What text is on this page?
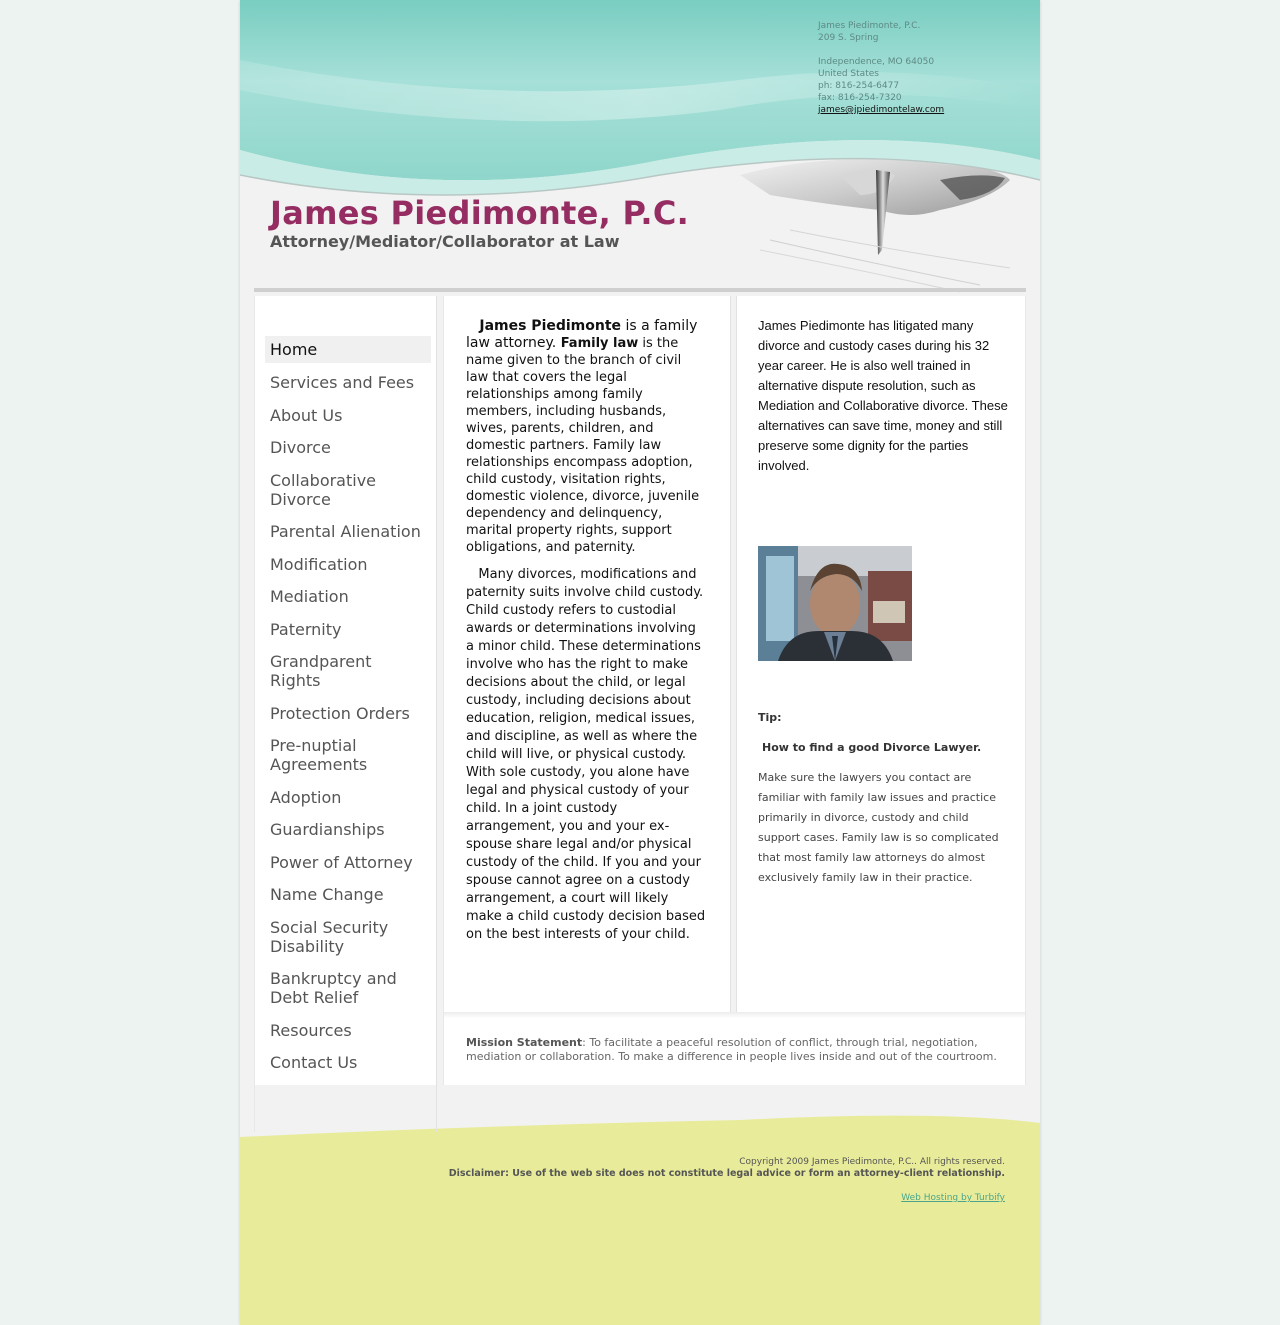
James Piedimonte, P.C.
209 S. Spring
Independence, MO 64050
United States
ph: 816-254-6477
fax: 816-254-7320
james@jpiedimontelaw.com
James Piedimonte, P.C.
Attorney/Mediator/Collaborator at Law
Home
Services and Fees
About Us
Divorce
Collaborative Divorce
Parental Alienation
Modification
Mediation
Paternity
Grandparent Rights
Protection Orders
Pre-nuptial Agreements
Adoption
Guardianships
Power of Attorney
Name Change
Social Security Disability
Bankruptcy and Debt Relief
Resources
Contact Us

James Piedimonte is a family law attorney. Family law is the name given to the branch of civil law that covers the legal relationships among family members, including husbands, wives, parents, children, and domestic partners. Family law relationships encompass adoption, child custody, visitation rights, domestic violence, divorce, juvenile dependency and delinquency, marital property rights, support obligations, and paternity.

Many divorces, modifications and paternity suits involve child custody. Child custody refers to custodial awards or determinations involving a minor child. These determinations involve who has the right to make decisions about the child, or legal custody, including decisions about education, religion, medical issues, and discipline, as well as where the child will live, or physical custody. With sole custody, you alone have legal and physical custody of your child. In a joint custody arrangement, you and your ex-spouse share legal and/or physical custody of the child. If you and your spouse cannot agree on a custody arrangement, a court will likely make a child custody decision based on the best interests of your child.

James Piedimonte has litigated many divorce and custody cases during his 32 year career. He is also well trained in alternative dispute resolution, such as Mediation and Collaborative divorce. These alternatives can save time, money and still preserve some dignity for the parties involved.
Tip:
How to find a good Divorce Lawyer.
Make sure the lawyers you contact are familiar with family law issues and practice primarily in divorce, custody and child support cases. Family law is so complicated that most family law attorneys do almost exclusively family law in their practice.
Mission Statement: To facilitate a peaceful resolution of conflict, through trial, negotiation, mediation or collaboration. To make a difference in people lives inside and out of the courtroom.
Copyright 2009 James Piedimonte, P.C.. All rights reserved.
Disclaimer: Use of the web site does not constitute legal advice or form an attorney-client relationship.
Web Hosting by Turbify
